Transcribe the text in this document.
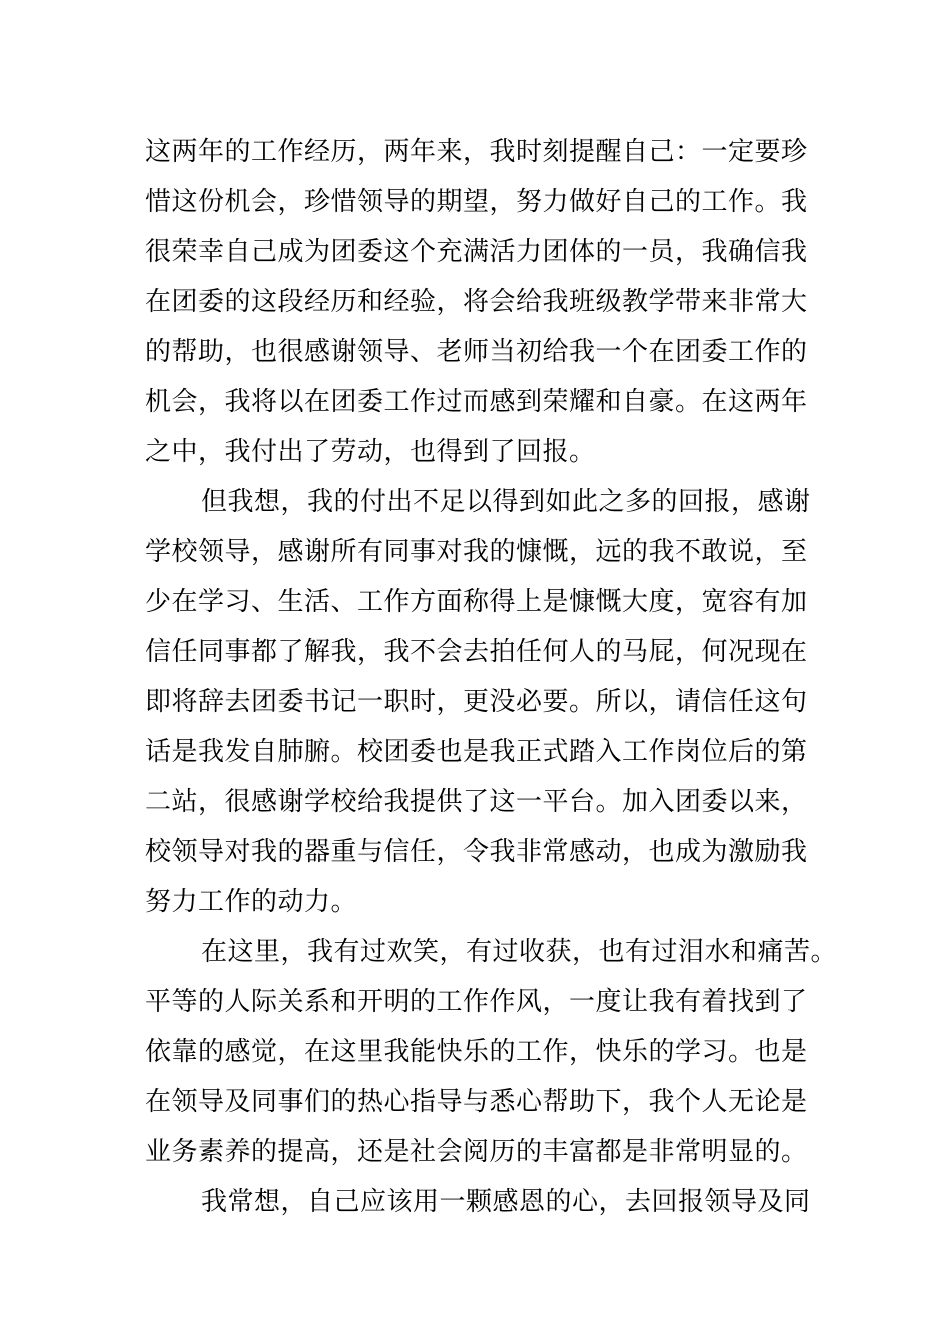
这两年的工作经历，两年来，我时刻提醒自己：一定要珍
惜这份机会，珍惜领导的期望，努力做好自己的工作。我
很荣幸自己成为团委这个充满活力团体的一员，我确信我
在团委的这段经历和经验，将会给我班级教学带来非常大
的帮助，也很感谢领导、老师当初给我一个在团委工作的
机会，我将以在团委工作过而感到荣耀和自豪。在这两年
之中，我付出了劳动，也得到了回报。
但我想，我的付出不足以得到如此之多的回报，感谢
学校领导，感谢所有同事对我的慷慨，远的我不敢说，至
少在学习、生活、工作方面称得上是慷慨大度，宽容有加
信任同事都了解我，我不会去拍任何人的马屁，何况现在
即将辞去团委书记一职时，更没必要。所以，请信任这句
话是我发自肺腑。校团委也是我正式踏入工作岗位后的第
二站，很感谢学校给我提供了这一平台。加入团委以来，
校领导对我的器重与信任，令我非常感动，也成为激励我
努力工作的动力。
在这里，我有过欢笑，有过收获，也有过泪水和痛苦。
平等的人际关系和开明的工作作风，一度让我有着找到了
依靠的感觉，在这里我能快乐的工作，快乐的学习。也是
在领导及同事们的热心指导与悉心帮助下，我个人无论是
业务素养的提高，还是社会阅历的丰富都是非常明显的。
我常想，自己应该用一颗感恩的心，去回报领导及同
